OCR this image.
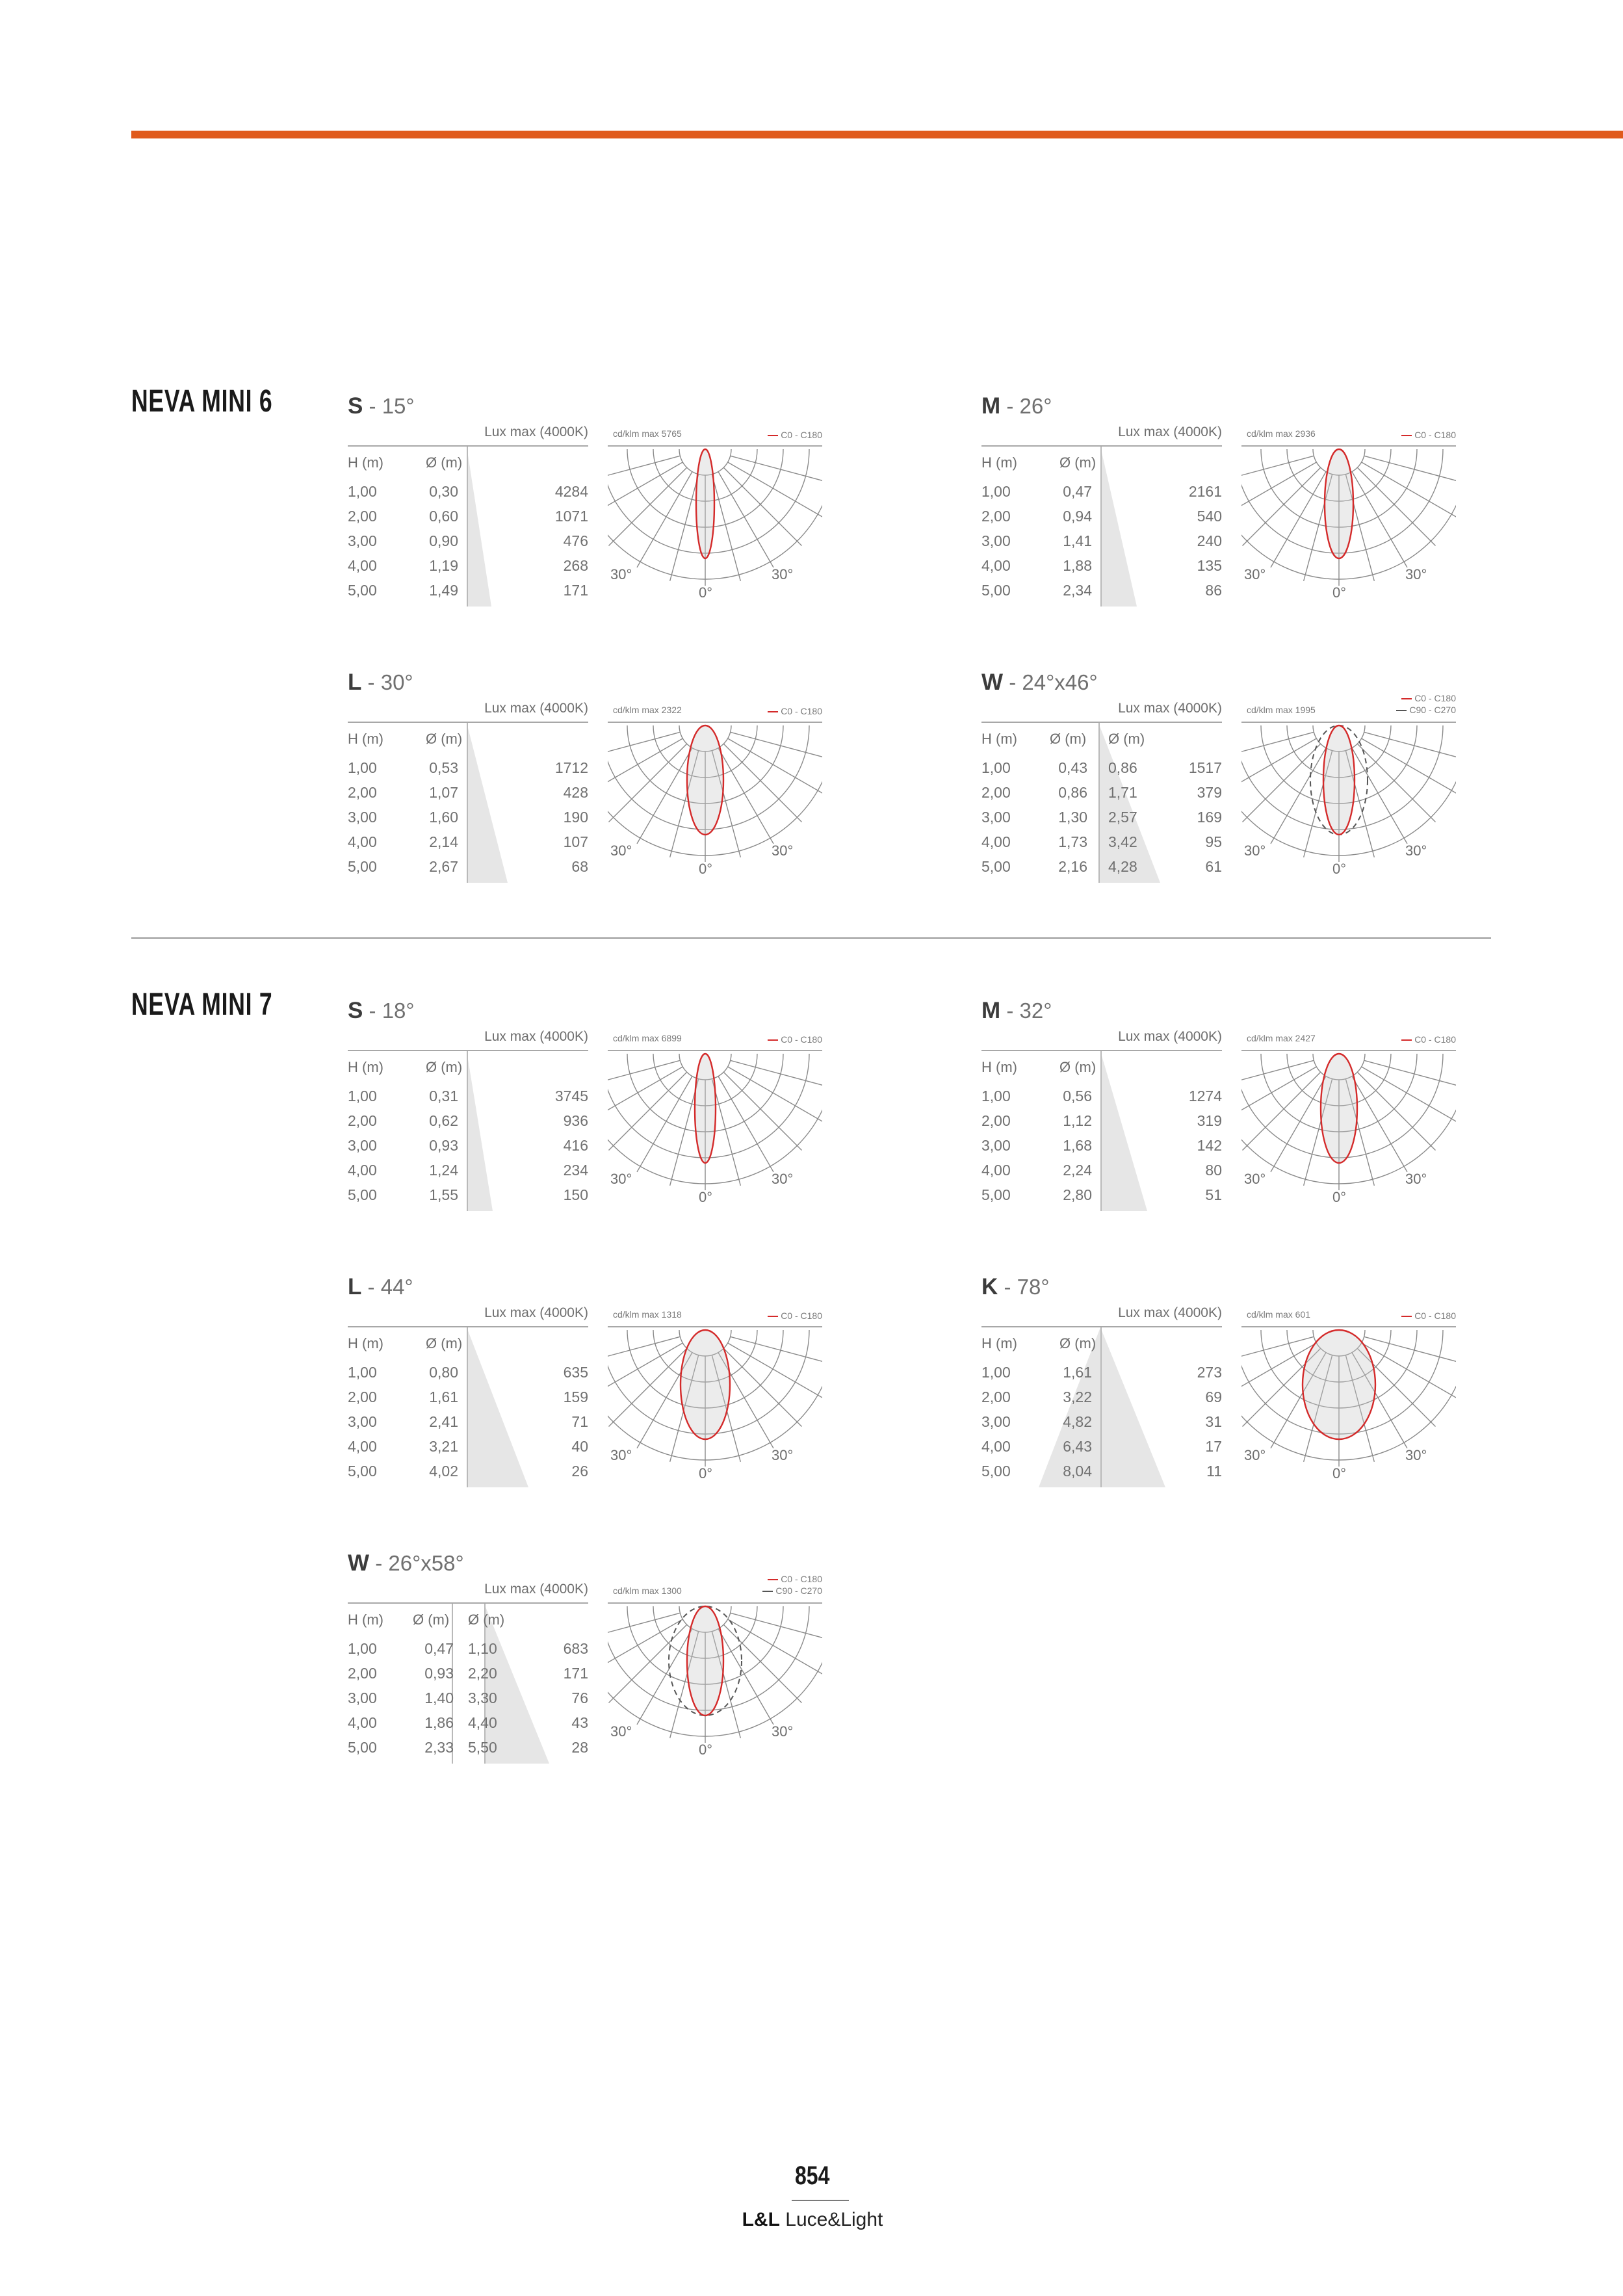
NEVA MINI 6
NEVA MINI 7
S - 15°
Lux max (4000K)
H (m)	Ø (m)
1,00	0,30	4284
2,00	0,60	1071
3,00	0,90	476
4,00	1,19	268
5,00	1,49	171
cd/klm max 5765	C0 - C180
30°	30°
0°
M - 26°
Lux max (4000K)
H (m)	Ø (m)
1,00	0,47	2161
2,00	0,94	540
3,00	1,41	240
4,00	1,88	135
5,00	2,34	86
cd/klm max 2936	C0 - C180
30°	30°
0°
L - 30°
Lux max (4000K)
H (m)	Ø (m)
1,00	0,53	1712
2,00	1,07	428
3,00	1,60	190
4,00	2,14	107
5,00	2,67	68
cd/klm max 2322	C0 - C180
30°	30°
0°
W - 24°x46°
Lux max (4000K)
H (m) Ø (m) Ø (m)
1,00	0,43 0,86	1517
2,00	0,86 1,71	379
3,00	1,30 2,57	169
4,00	1,73 3,42	95
5,00	2,16 4,28	61
cd/klm max 1995
C0 - C180
C90 - C270
30°	30°
0°
S - 18°
Lux max (4000K)
H (m)	Ø (m)
1,00	0,31	3745
2,00	0,62	936
3,00	0,93	416
4,00	1,24	234
5,00	1,55	150
cd/klm max 6899	C0 - C180
30°	30°
0°
M - 32°
Lux max (4000K)
H (m)	Ø (m)
1,00	0,56	1274
2,00	1,12	319
3,00	1,68	142
4,00	2,24	80
5,00	2,80	51
cd/klm max 2427	C0 - C180
30°	30°
0°
L - 44°
Lux max (4000K)
H (m)	Ø (m)
1,00	0,80	635
2,00	1,61	159
3,00	2,41	71
4,00	3,21	40
5,00	4,02	26
cd/klm max 1318	C0 - C180
30°	30°
0°
K - 78°
Lux max (4000K)
H (m)	Ø (m)
1,00	1,61	273
2,00	3,22	69
3,00	4,82	31
4,00	6,43	17
5,00	8,04	11
cd/klm max 601	C0 - C180
30°	30°
0°
W - 26°x58°
Lux max (4000K)
H (m) Ø (m) Ø (m)
1,00	0,47 1,10	683
2,00	0,93 2,20	171
3,00	1,40 3,30	76
4,00	1,86 4,40	43
5,00	2,33 5,50	28
cd/klm max 1300
C0 - C180
C90 - C270
30°	30°
0°
854
L&L Luce&Light
